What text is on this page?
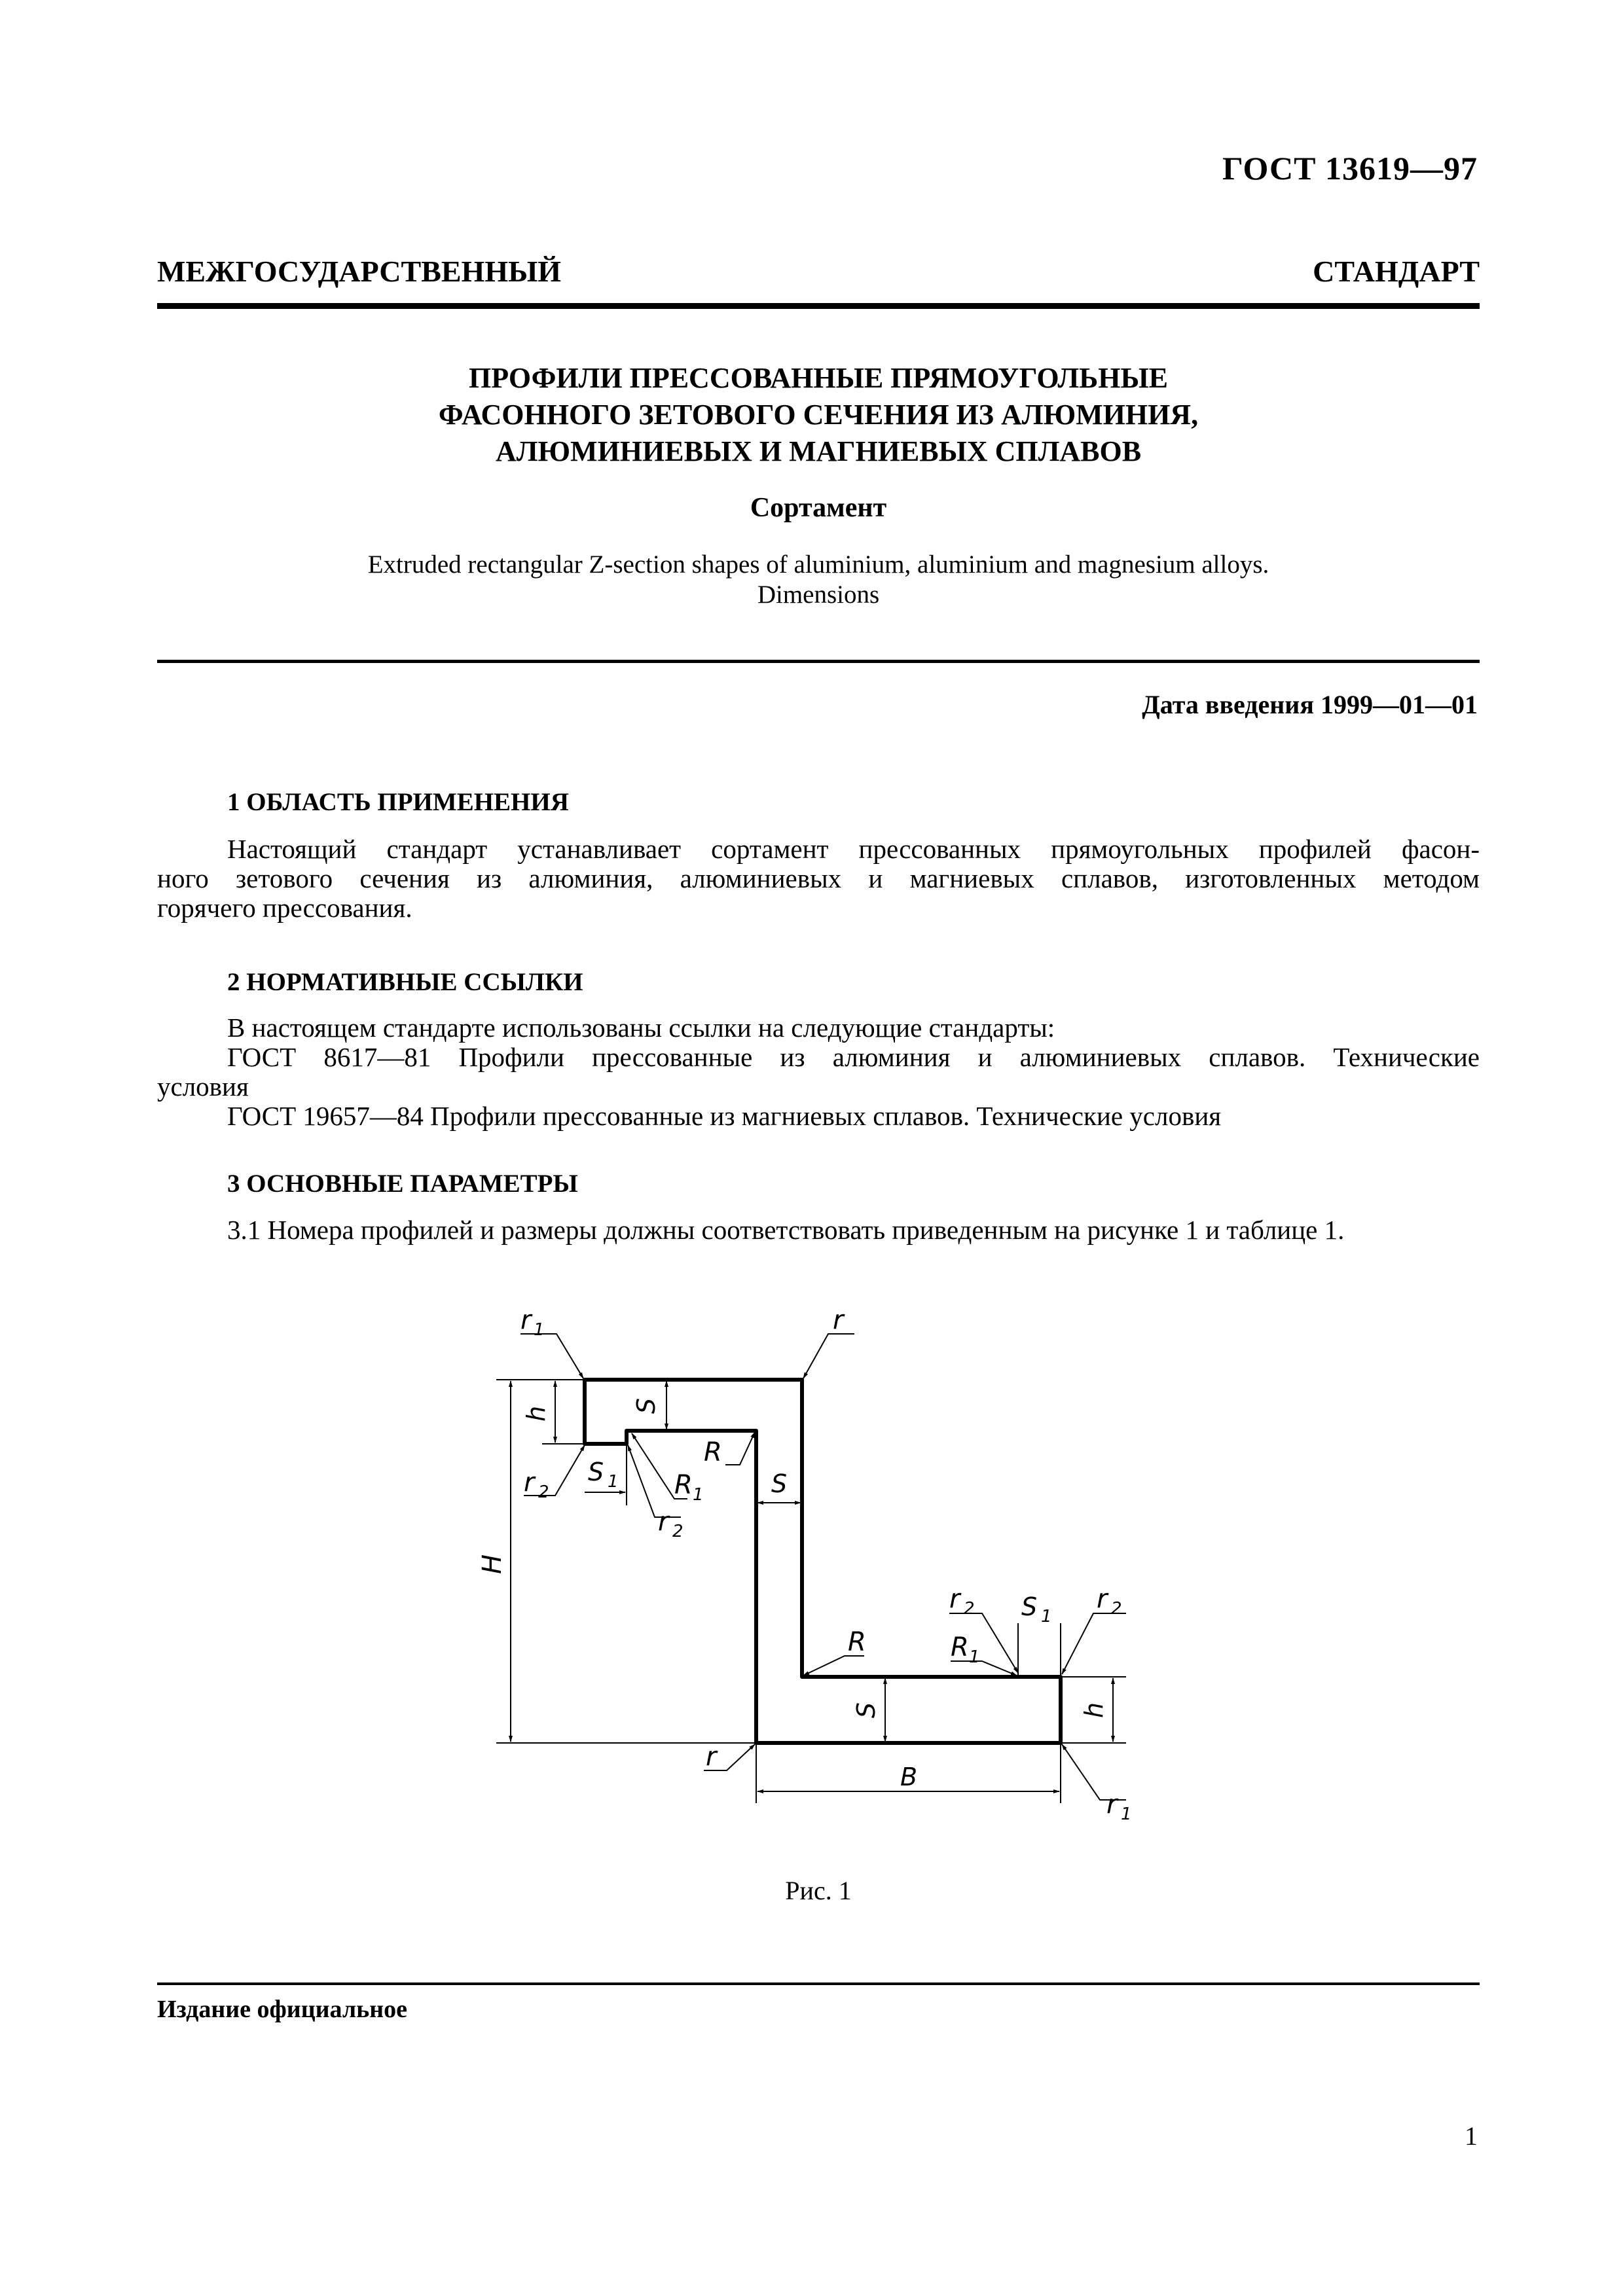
ГОСТ 13619—97
МЕЖГОСУДАРСТВЕННЫЙ СТАНДАРТ
ПРОФИЛИ ПРЕССОВАННЫЕ ПРЯМОУГОЛЬНЫЕ
ФАСОННОГО ЗЕТОВОГО СЕЧЕНИЯ ИЗ АЛЮМИНИЯ,
АЛЮМИНИЕВЫХ И МАГНИЕВЫХ СПЛАВОВ
Сортамент
Extruded rectangular Z-section shapes of aluminium, aluminium and magnesium alloys.
Dimensions
Дата введения 1999—01—01
1 ОБЛАСТЬ ПРИМЕНЕНИЯ
Настоящий стандарт устанавливает сортамент прессованных прямоугольных профилей фасон-
ного зетового сечения из алюминия, алюминиевых и магниевых сплавов, изготовленных методом
горячего прессования.
2 НОРМАТИВНЫЕ ССЫЛКИ
В настоящем стандарте использованы ссылки на следующие стандарты:
ГОСТ 8617—81 Профили прессованные из алюминия и алюминиевых сплавов. Технические
условия
ГОСТ 19657—84 Профили прессованные из магниевых сплавов. Технические условия
3 ОСНОВНЫЕ ПАРАМЕТРЫ
3.1 Номера профилей и размеры должны соответствовать приведенным на рисунке 1 и таблице 1.
H
h	S
S 1	S
S	h
S 1
B
r 1	r
r 2	R 1
r 2
R
R
r 2
R 1
r 2
r
r 1
Рис. 1
Издание официальное
1
